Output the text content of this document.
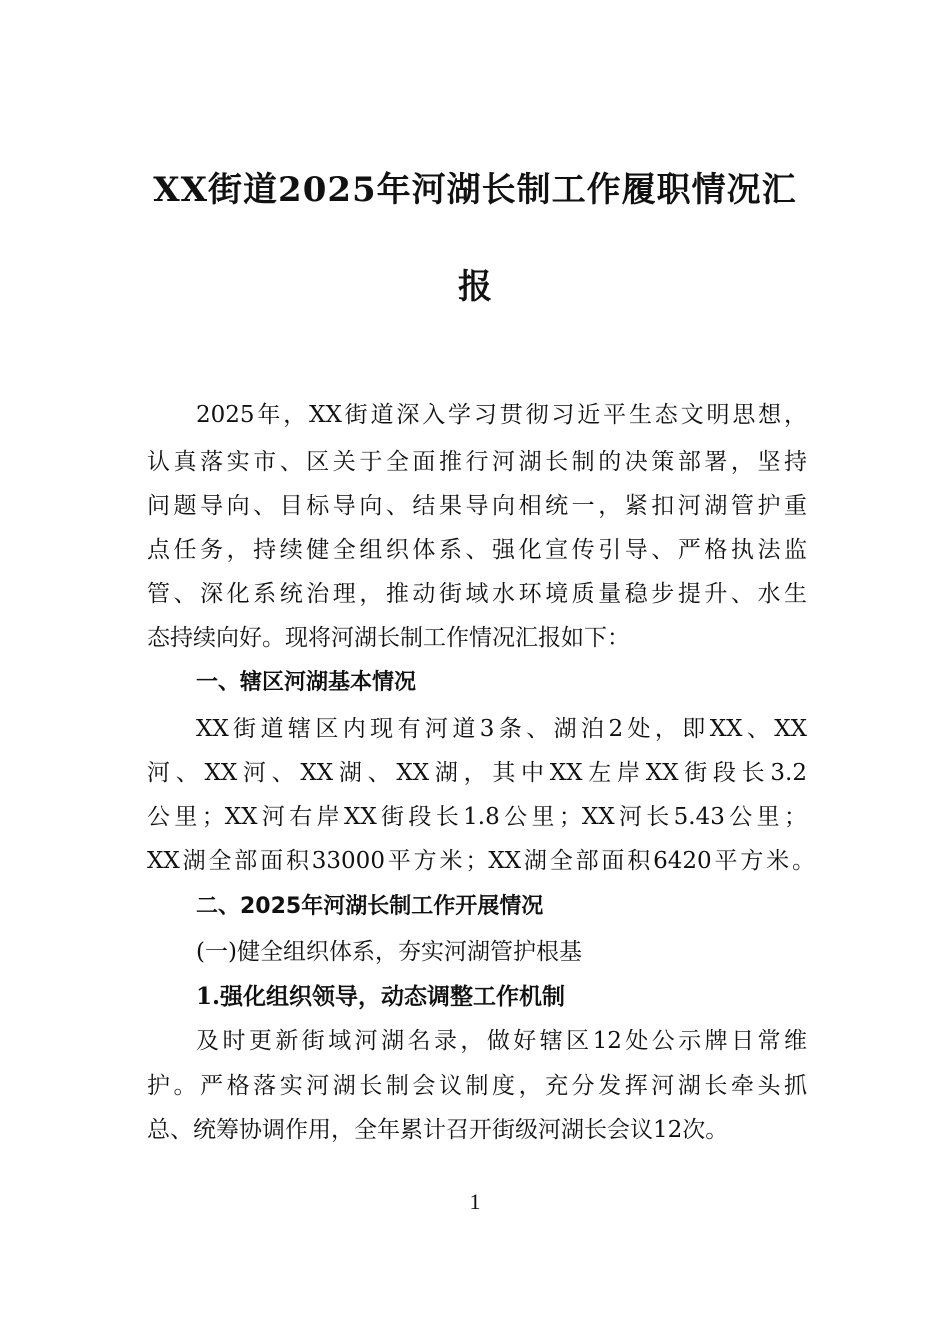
XX街道2025年河湖长制工作履职情况汇
报

2025年，XX街道深入学习贯彻习近平生态文明思想，

认真落实市、区关于全面推行河湖长制的决策部署，坚持

问题导向、目标导向、结果导向相统一，紧扣河湖管护重

点任务，持续健全组织体系、强化宣传引导、严格执法监

管、深化系统治理，推动街域水环境质量稳步提升、水生

态持续向好。现将河湖长制工作情况汇报如下：

一、辖区河湖基本情况

XX街道辖区内现有河道3条、湖泊2处，即XX、XX

河、XX河、XX湖、XX湖，其中XX左岸XX街段长3.2

公里；XX河右岸XX街段长1.8公里；XX河长5.43公里；

XX湖全部面积33000平方米；XX湖全部面积6420平方米。

二、2025年河湖长制工作开展情况

(一)健全组织体系，夯实河湖管护根基

1.强化组织领导，动态调整工作机制

及时更新街域河湖名录，做好辖区12处公示牌日常维

护。严格落实河湖长制会议制度，充分发挥河湖长牵头抓

总、统筹协调作用，全年累计召开街级河湖长会议12次。

1
